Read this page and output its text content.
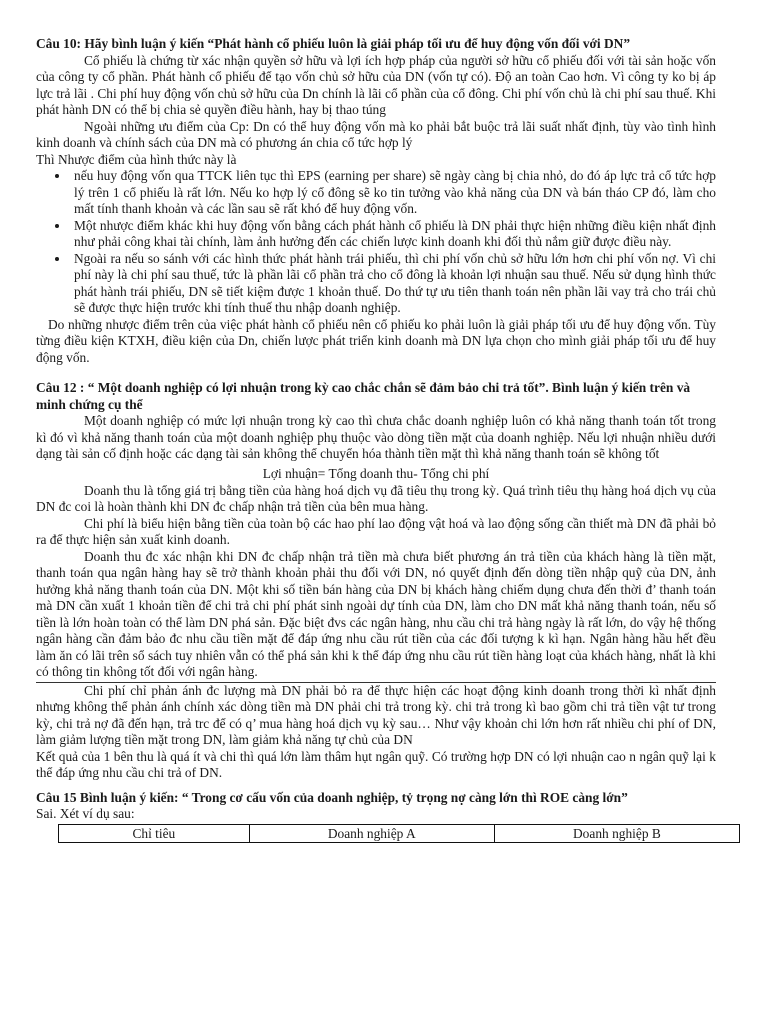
Câu 10: Hãy bình luận ý kiến “Phát hành cổ phiếu luôn là giải pháp tối ưu để huy động vốn đối với DN”

Cổ phiếu là chứng từ xác nhận quyền sở hữu và lợi ích hợp pháp của người sở hữu cổ phiếu đối với tài sản hoặc vốn của công ty cổ phần. Phát hành cổ phiếu để tạo vốn chủ sở hữu của DN (vốn tự có). Độ an toàn Cao hơn. Vì công ty ko bị áp lực trả lãi . Chi phí huy động vốn chủ sở hữu của Dn chính là lãi cổ phần của cổ đông. Chi phí vốn chủ là chi phí sau thuế. Khi phát hành DN có thể bị chia sẻ quyền điều hành, hay bị thao túng

Ngoài những ưu điểm của Cp: Dn có thể huy động vốn mà ko phải bắt buộc trả lãi suất nhất định, tùy vào tình hình kinh doanh và chính sách của DN mà có phương án chia cổ tức hợp lý

Thì Nhược điểm của hình thức này là

• nếu huy động vốn qua TTCK liên tục thì EPS (earning per share) sẽ ngày càng bị chia nhỏ, do đó áp lực trả cổ tức hợp lý trên 1 cổ phiếu là rất lớn. Nếu ko hợp lý cổ đông sẽ ko tin tưởng vào khả năng của DN và bán tháo CP đó, làm cho mất tính thanh khoản và các lần sau sẽ rất khó để huy động vốn.
• Một nhược điểm khác khi huy động vốn bằng cách phát hành cổ phiếu là DN phải thực hiện những điều kiện nhất định như phải công khai tài chính, làm ảnh hưởng đến các chiến lược kinh doanh khi đối thủ nắm giữ được điều này.
• Ngoài ra nếu so sánh với các hình thức phát hành trái phiếu, thì chi phí vốn chủ sở hữu lớn hơn chi phí vốn nợ. Vì chi phí này là chi phí sau thuế, tức là phần lãi cổ phần trả cho cổ đông là khoản lợi nhuận sau thuế. Nếu sử dụng hình thức phát hành trái phiếu, DN sẽ tiết kiệm được 1 khoản thuế. Do thứ tự ưu tiên thanh toán nên phần lãi vay trả cho trái chủ sẽ được thực hiện trước khi tính thuế thu nhập doanh nghiệp.

Do những nhược điểm trên của việc phát hành cổ phiếu nên cổ phiếu ko phải luôn là giải pháp tối ưu để huy động vốn. Tùy từng điều kiện KTXH, điều kiện của Dn, chiến lược phát triển kinh doanh mà DN lựa chọn cho mình giải pháp tối ưu để huy động vốn.

Câu 12 : “ Một doanh nghiệp có lợi nhuận trong kỳ cao chắc chắn sẽ đảm bảo chi trả tốt”. Bình luận ý kiến trên và minh chứng cụ thể

Một doanh nghiệp có mức lợi nhuận trong kỳ cao thì chưa chắc doanh nghiệp luôn có khả năng thanh toán tốt trong kì đó vì khả năng thanh toán của một doanh nghiệp phụ thuộc vào dòng tiền mặt của doanh nghiệp. Nếu lợi nhuận nhiều dưới dạng tài sản cố định hoặc các dạng tài sản không thể chuyển hóa thành tiền mặt thì khả năng thanh toán sẽ không tốt

Lợi nhuận= Tổng doanh thu- Tổng chi phí

Doanh thu là tổng giá trị bằng tiền của hàng hoá dịch vụ đã tiêu thụ trong kỳ. Quá trình tiêu thụ hàng hoá dịch vụ của DN đc coi là hoàn thành khi DN đc chấp nhận trả tiền của bên mua hàng.

Chi phí là biểu hiện bằng tiền của toàn bộ các hao phí lao động vật hoá và lao động sống cần thiết mà DN đã phải bỏ ra để thực hiện sản xuất kinh doanh.

Doanh thu đc xác nhận khi DN đc chấp nhận trả tiền mà chưa biết phương án trả tiền của khách hàng là tiền mặt, thanh toán qua ngân hàng hay sẽ trở thành khoản phải thu đối với DN, nó quyết định đến dòng tiền nhập quỹ của DN, ảnh hưởng khả năng thanh toán của DN. Một khi số tiền bán hàng của DN bị khách hàng chiếm dụng chưa đến thời đ’ thanh toán mà DN cần xuất 1 khoản tiền để chi trả chi phí phát sinh ngoài dự tính của DN, làm cho DN mất khả năng thanh toán, nếu số tiền là lớn hoàn toàn có thể làm DN phá sản. Đặc biệt đvs các ngân hàng, nhu cầu chi trả hàng ngày là rất lớn, do vậy hệ thống ngân hàng cần đảm bảo đc nhu cầu tiền mặt để đáp ứng nhu cầu rút tiền của các đối tượng k kì hạn. Ngân hàng hầu hết đều làm ăn có lãi trên sổ sách tuy nhiên vẫn có thể phá sản khi k thể đáp ứng nhu cầu rút tiền hàng loạt của khách hàng, nhất là khi có thông tin không tốt đối với ngân hàng.

Chi phí chỉ phản ánh đc lượng mà DN phải bỏ ra để thực hiện các hoạt động kinh doanh trong thời kì nhất định nhưng không thể phản ánh chính xác dòng tiền mà DN phải chi trả trong kỳ. chi trả trong kì bao gồm chi trả tiền vật tư trong kỳ, chi trả nợ đã đến hạn, trả trc để có q’ mua hàng hoá dịch vụ kỳ sau… Như vậy khoản chi lớn hơn rất nhiều chi phí of DN, làm giảm lượng tiền mặt trong DN, làm giảm khả năng tự chủ của DN

Kết quả của 1 bên thu là quá ít và chi thì quá lớn làm thâm hụt ngân quỹ. Có trường hợp DN có lợi nhuận cao n ngân quỹ lại k thể đáp ứng nhu cầu chi trả of DN.

Câu 15 Bình luận ý kiến: “ Trong cơ cấu vốn của doanh nghiệp, tỷ trọng nợ càng lớn thì ROE càng lớn”

Sai. Xét ví dụ sau:

Chỉ tiêu	Doanh nghiệp A	Doanh nghiệp B
